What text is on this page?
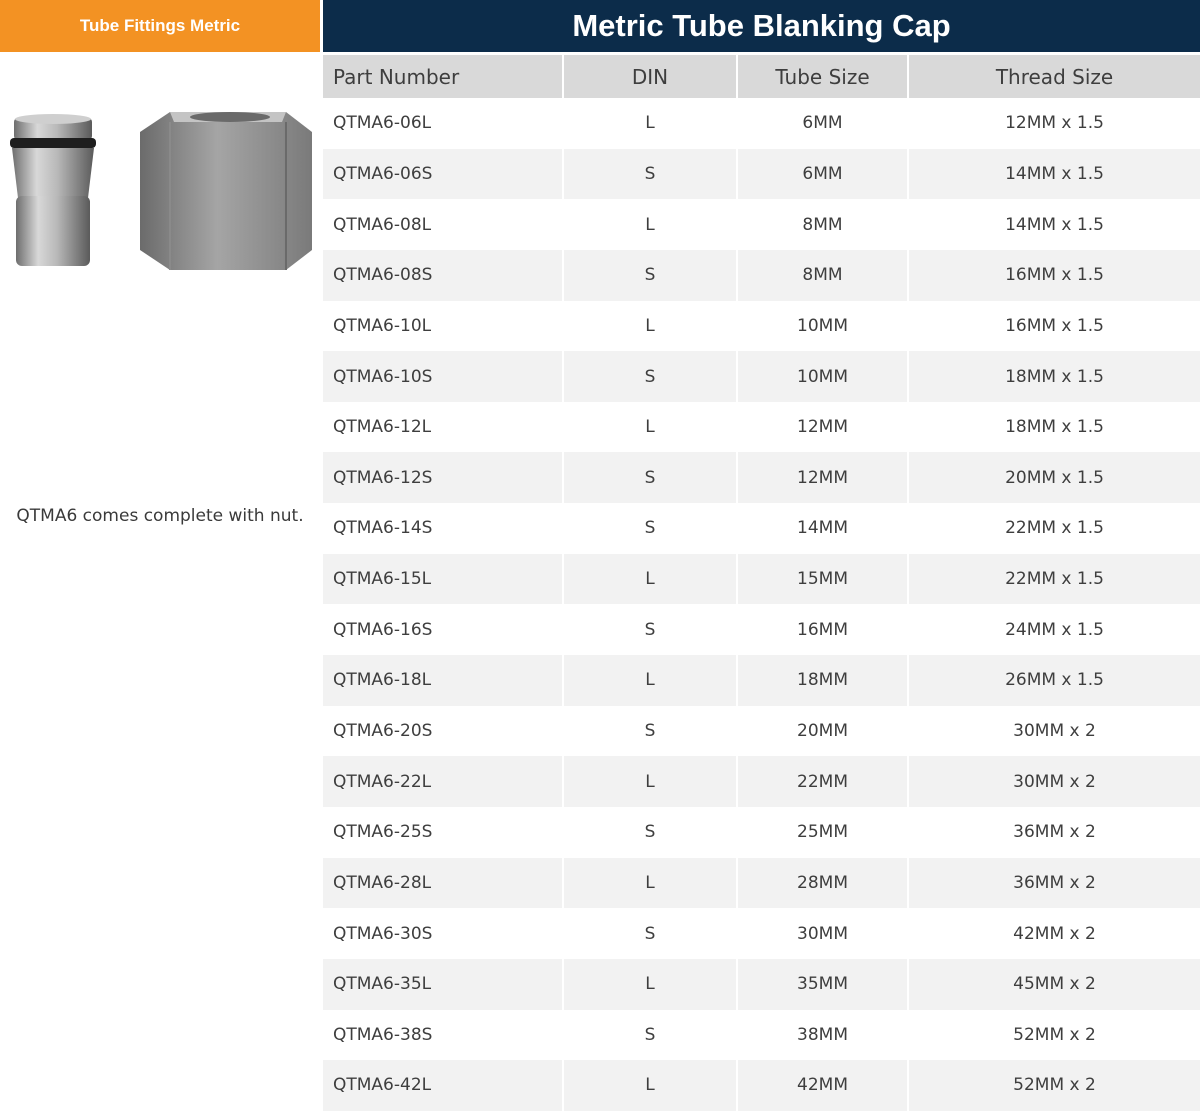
Tube Fittings Metric
QTMA6 comes complete with nut.
Metric Tube Blanking Cap
Part Number	DIN	Tube Size	Thread Size
QTMA6-06L	L	6MM	12MM x 1.5
QTMA6-06S	S	6MM	14MM x 1.5
QTMA6-08L	L	8MM	14MM x 1.5
QTMA6-08S	S	8MM	16MM x 1.5
QTMA6-10L	L	10MM	16MM x 1.5
QTMA6-10S	S	10MM	18MM x 1.5
QTMA6-12L	L	12MM	18MM x 1.5
QTMA6-12S	S	12MM	20MM x 1.5
QTMA6-14S	S	14MM	22MM x 1.5
QTMA6-15L	L	15MM	22MM x 1.5
QTMA6-16S	S	16MM	24MM x 1.5
QTMA6-18L	L	18MM	26MM x 1.5
QTMA6-20S	S	20MM	30MM x 2
QTMA6-22L	L	22MM	30MM x 2
QTMA6-25S	S	25MM	36MM x 2
QTMA6-28L	L	28MM	36MM x 2
QTMA6-30S	S	30MM	42MM x 2
QTMA6-35L	L	35MM	45MM x 2
QTMA6-38S	S	38MM	52MM x 2
QTMA6-42L	L	42MM	52MM x 2
